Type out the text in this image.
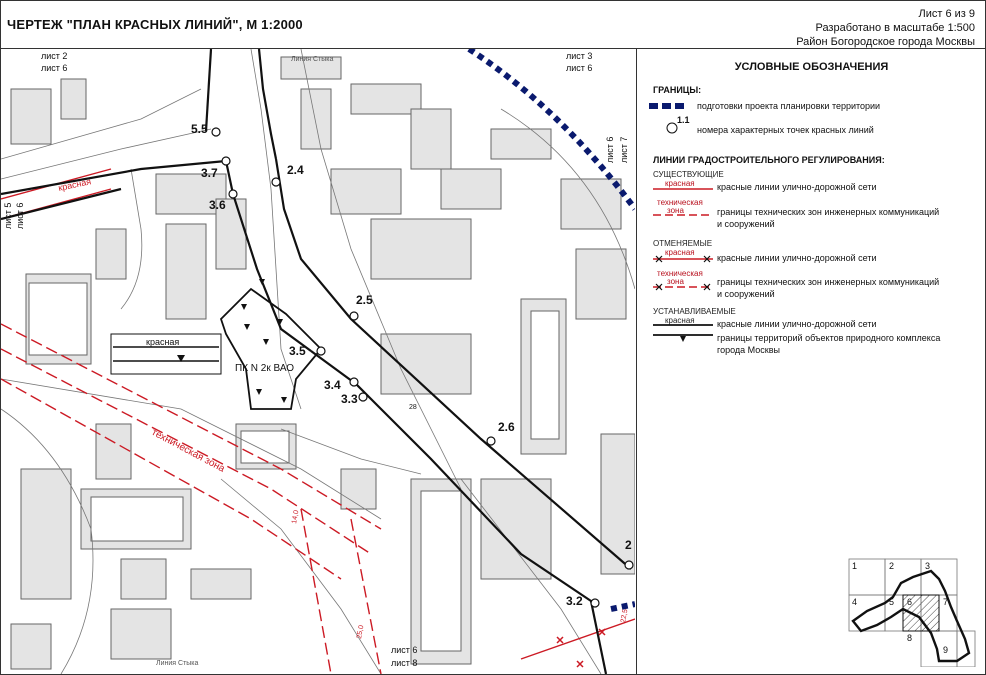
ЧЕРТЕЖ "ПЛАН КРАСНЫХ ЛИНИЙ", М 1:2000
Лист 6 из 9
Разработано в масштабе 1:500
Район Богородское города Москвы
5.5
3.7
3.6
2.4
2.5
3.5
3.4
3.3
2.6
3.2
2
лист 2
лист 6
лист 3
лист 6
лист 6 лист 7
лист 5 лист 6
лист 6
лист 8
Линия Стыка
Линия Стыка
красная
техническая зона
28
14,0
25,0
22,5
красная
ПК N 2к ВАО
УСЛОВНЫЕ ОБОЗНАЧЕНИЯ
ГРАНИЦЫ:
подготовки проекта планировки территории
1.1
номера характерных точек красных линий
ЛИНИИ ГРАДОСТРОИТЕЛЬНОГО РЕГУЛИРОВАНИЯ:
СУЩЕСТВУЮЩИЕ
красная красные линии улично-дорожной сети
техническая
зона	границы технических зон инженерных коммуникаций
и сооружений
ОТМЕНЯЕМЫЕ
красная
красные линии улично-дорожной сети
техническая
зона	границы технических зон инженерных коммуникаций
и сооружений
УСТАНАВЛИВАЕМЫЕ
красная красные линии улично-дорожной сети
границы территорий объектов природного комплекса
города Москвы
1	2	3
4	5 6	7
8
9
